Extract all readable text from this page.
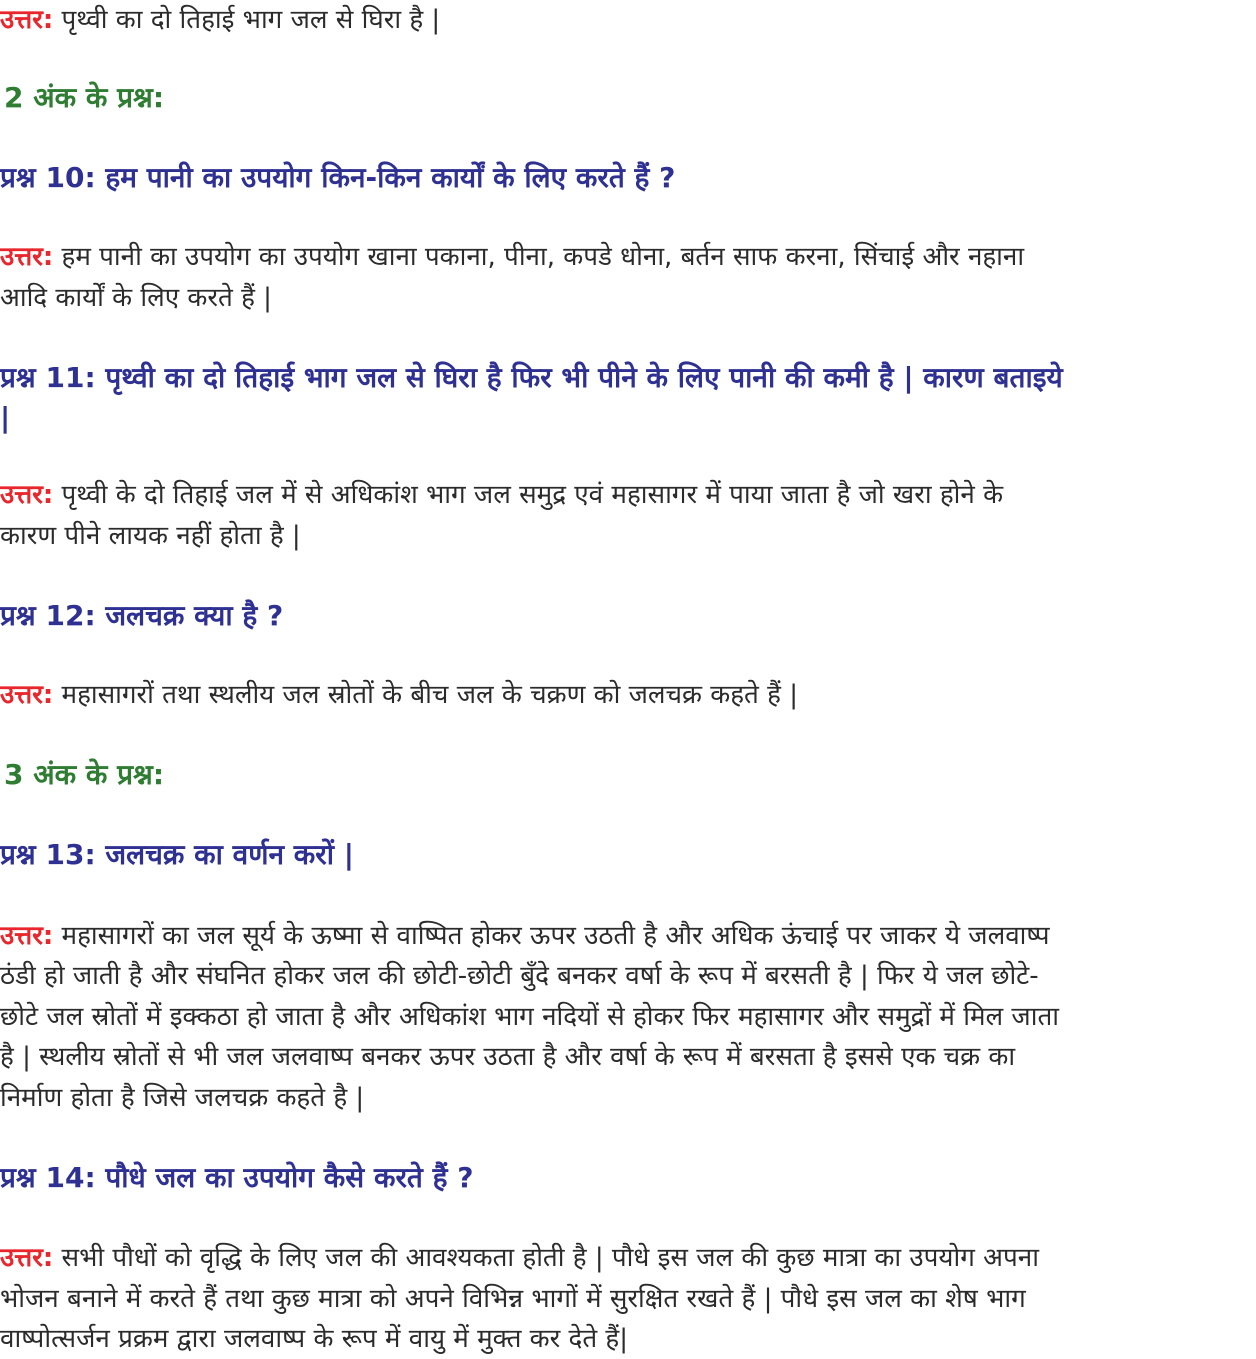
उत्तर: पृथ्वी का दो तिहाई भाग जल से घिरा है |

2 अंक के प्रश्न:
प्रश्न 10: हम पानी का उपयोग किन-किन कार्यों के लिए करते हैं ?

उत्तर: हम पानी का उपयोग का उपयोग खाना पकाना, पीना, कपडे धोना, बर्तन साफ करना, सिंचाई और नहाना

आदि कार्यों के लिए करते हैं |

प्रश्न 11: पृथ्वी का दो तिहाई भाग जल से घिरा है फिर भी पीने के लिए पानी की कमी है | कारण बताइये
|

उत्तर: पृथ्वी के दो तिहाई जल में से अधिकांश भाग जल समुद्र एवं महासागर में पाया जाता है जो खरा होने के

कारण पीने लायक नहीं होता है |

प्रश्न 12: जलचक्र क्या है ?

उत्तर: महासागरों तथा स्थलीय जल स्रोतों के बीच जल के चक्रण को जलचक्र कहते हैं |

3 अंक के प्रश्न:
प्रश्न 13: जलचक्र का वर्णन करों |

उत्तर: महासागरों का जल सूर्य के ऊष्मा से वाष्पित होकर ऊपर उठती है और अधिक ऊंचाई पर जाकर ये जलवाष्प

ठंडी हो जाती है और संघनित होकर जल की छोटी-छोटी बुँदे बनकर वर्षा के रूप में बरसती है | फिर ये जल छोटे-

छोटे जल स्रोतों में इक्कठा हो जाता है और अधिकांश भाग नदियों से होकर फिर महासागर और समुद्रों में मिल जाता

है | स्थलीय स्रोतों से भी जल जलवाष्प बनकर ऊपर उठता है और वर्षा के रूप में बरसता है इससे एक चक्र का

निर्माण होता है जिसे जलचक्र कहते है |

प्रश्न 14: पौधे जल का उपयोग कैसे करते हैं ?

उत्तर: सभी पौधों को वृद्धि के लिए जल की आवश्यकता होती है | पौधे इस जल की कुछ मात्रा का उपयोग अपना

भोजन बनाने में करते हैं तथा कुछ मात्रा को अपने विभिन्न भागों में सुरक्षित रखते हैं | पौधे इस जल का शेष भाग

वाष्पोत्सर्जन प्रक्रम द्वारा जलवाष्प के रूप में वायु में मुक्त कर देते हैं|
